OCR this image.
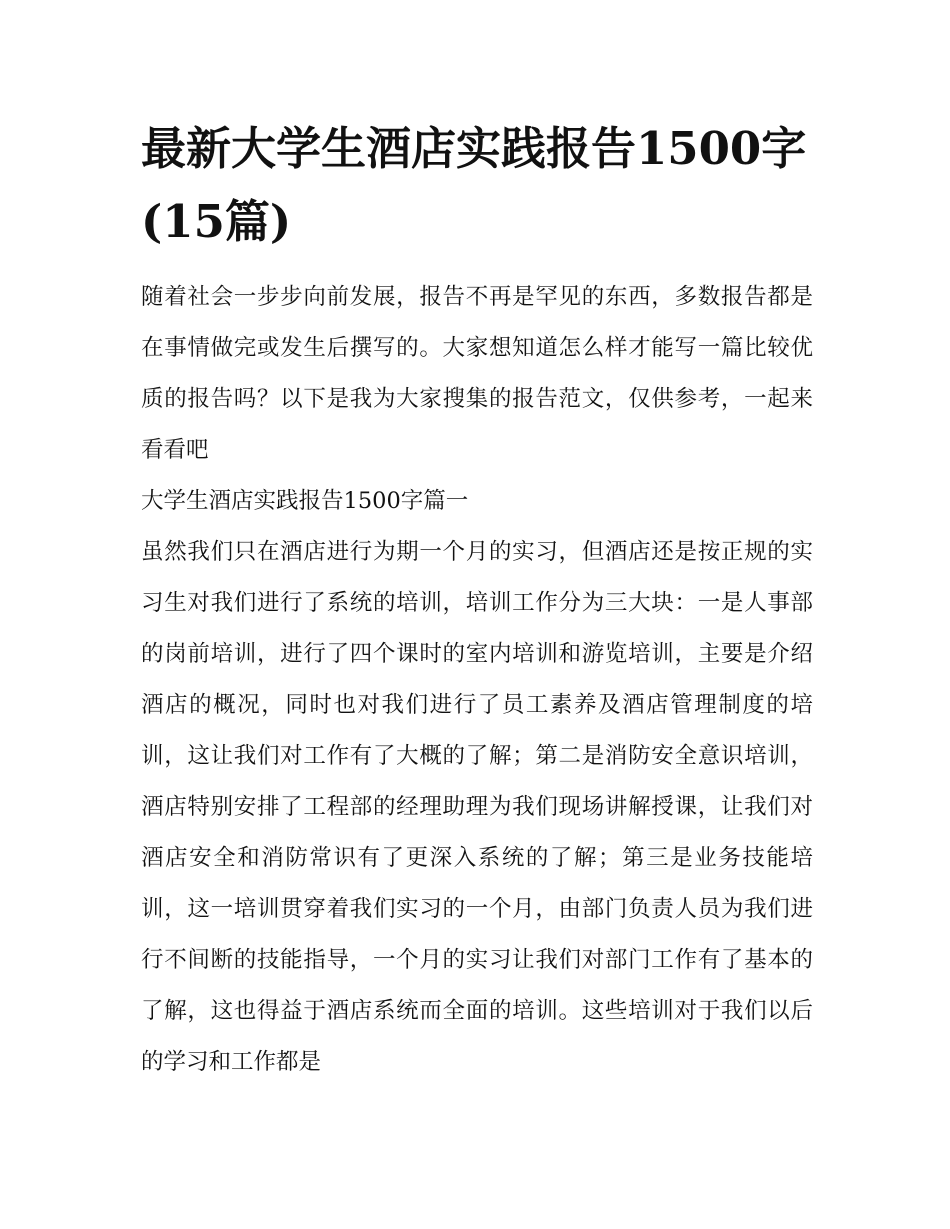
最新大学生酒店实践报告1500字(15篇)

随着社会一步步向前发展，报告不再是罕见的东西，多数报告都是在事情做完或发生后撰写的。大家想知道怎么样才能写一篇比较优质的报告吗？以下是我为大家搜集的报告范文，仅供参考，一起来看看吧

大学生酒店实践报告1500字篇一

虽然我们只在酒店进行为期一个月的实习，但酒店还是按正规的实习生对我们进行了系统的培训，培训工作分为三大块：一是人事部的岗前培训，进行了四个课时的室内培训和游览培训，主要是介绍酒店的概况，同时也对我们进行了员工素养及酒店管理制度的培训，这让我们对工作有了大概的了解；第二是消防安全意识培训，酒店特别安排了工程部的经理助理为我们现场讲解授课，让我们对酒店安全和消防常识有了更深入系统的了解；第三是业务技能培训，这一培训贯穿着我们实习的一个月，由部门负责人员为我们进行不间断的技能指导，一个月的实习让我们对部门工作有了基本的了解，这也得益于酒店系统而全面的培训。这些培训对于我们以后的学习和工作都是
